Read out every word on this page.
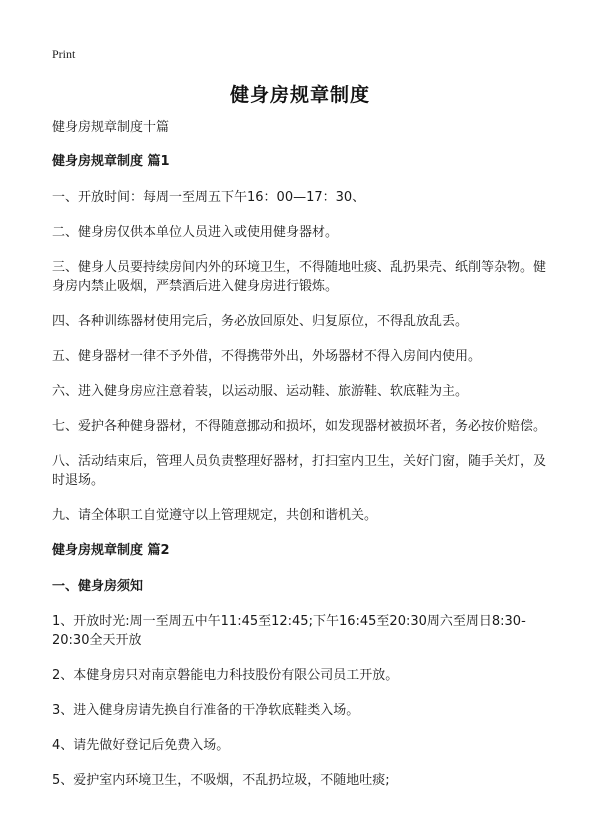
Print
健身房规章制度

健身房规章制度十篇

健身房规章制度 篇1

一、开放时间：每周一至周五下午16：00—17：30、

二、健身房仅供本单位人员进入或使用健身器材。

三、健身人员要持续房间内外的环境卫生，不得随地吐痰、乱扔果壳、纸削等杂物。健身房内禁止吸烟，严禁酒后进入健身房进行锻炼。

四、各种训练器材使用完后，务必放回原处、归复原位，不得乱放乱丢。

五、健身器材一律不予外借，不得携带外出，外场器材不得入房间内使用。

六、进入健身房应注意着装，以运动服、运动鞋、旅游鞋、软底鞋为主。

七、爱护各种健身器材，不得随意挪动和损坏，如发现器材被损坏者，务必按价赔偿。

八、活动结束后，管理人员负责整理好器材，打扫室内卫生，关好门窗，随手关灯，及时退场。

九、请全体职工自觉遵守以上管理规定，共创和谐机关。

健身房规章制度 篇2

一、健身房须知

1、开放时光:周一至周五中午11:45至12:45;下午16:45至20:30周六至周日8:30-20:30全天开放

2、本健身房只对南京磐能电力科技股份有限公司员工开放。

3、进入健身房请先换自行准备的干净软底鞋类入场。

4、请先做好登记后免费入场。

5、爱护室内环境卫生，不吸烟，不乱扔垃圾，不随地吐痰;
